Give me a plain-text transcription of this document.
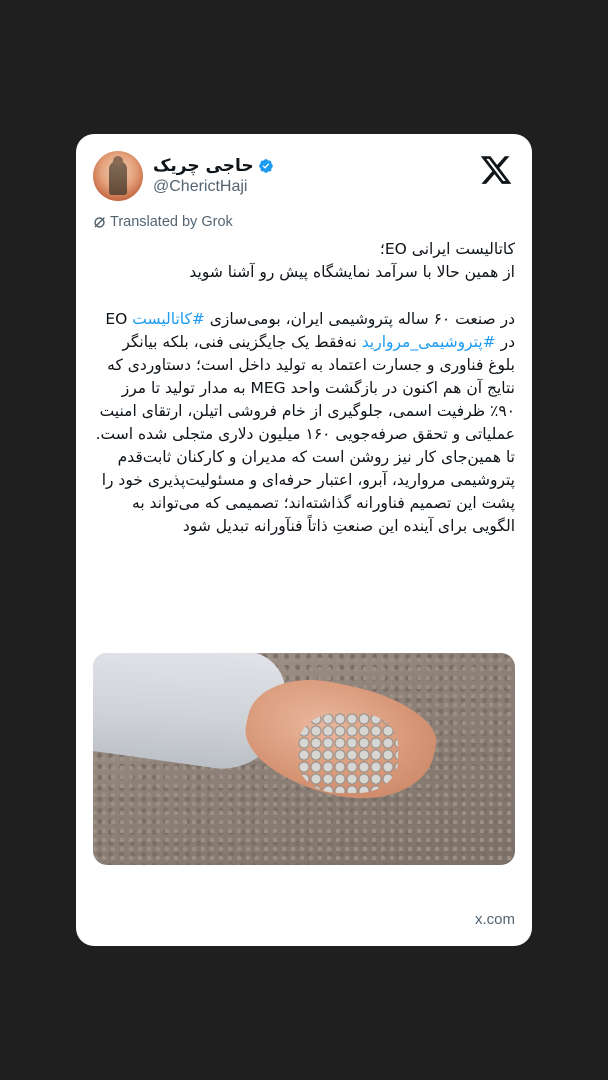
حاجی چریک
@CherictHaji
Translated by Grok

کاتالیست ایرانی EO؛

از همین حالا با سرآمد نمایشگاه پیش رو آشنا شوید

در صنعت ۶۰ ساله پتروشیمی ایران، بومی‌سازی #کاتالیست EO در #پتروشیمی_مروارید نه‌فقط یک جایگزینی فنی، بلکه بیانگر بلوغ فناوری و جسارت اعتماد به تولید داخل است؛ دستاوردی که نتایج آن هم اکنون در بازگشت واحد MEG به مدار تولید تا مرز ۹۰٪ ظرفیت اسمی، جلوگیری از خام فروشی اتیلن، ارتقای امنیت عملیاتی و تحقق صرفه‌جویی ۱۶۰ میلیون دلاری متجلی شده است.

تا همین‌جای کار نیز روشن است که مدیران و کارکنان ثابت‌قدم پتروشیمی مروارید، آبرو، اعتبار حرفه‌ای و مسئولیت‌پذیری خود را پشت این تصمیم فناورانه گذاشته‌اند؛ تصمیمی که می‌تواند به الگویی برای آینده این صنعتِ ذاتاً فنآورانه تبدیل شود

x.com
